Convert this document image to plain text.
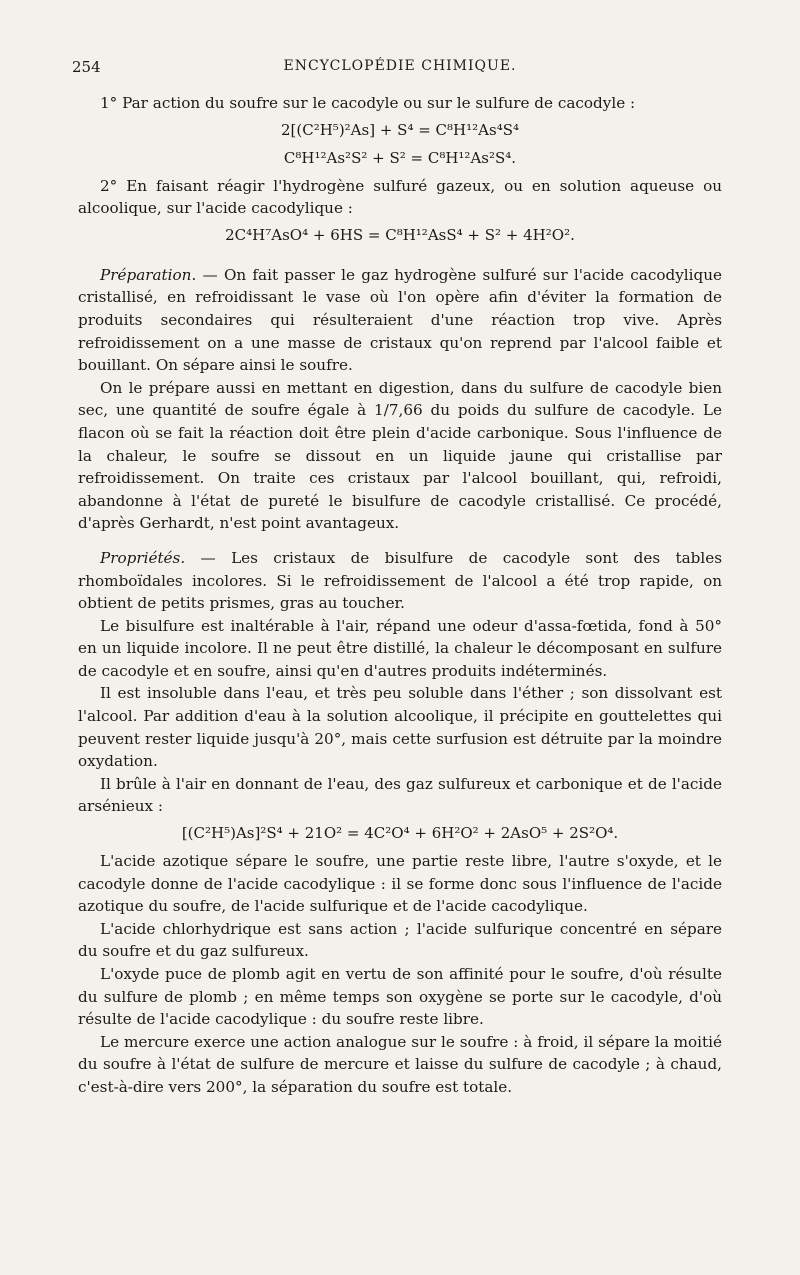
254	ENCYCLOPÉDIE CHIMIQUE.

1° Par action du soufre sur le cacodyle ou sur le sulfure de cacodyle :

2[(C²H⁵)²As] + S⁴ = C⁸H¹²As⁴S⁴
C⁸H¹²As²S² + S² = C⁸H¹²As²S⁴.

2° En faisant réagir l'hydrogène sulfuré gazeux, ou en solution aqueuse ou alcoolique, sur l'acide cacodylique :

2C⁴H⁷AsO⁴ + 6HS = C⁸H¹²AsS⁴ + S² + 4H²O².

Préparation. — On fait passer le gaz hydrogène sulfuré sur l'acide cacodylique cristallisé, en refroidissant le vase où l'on opère afin d'éviter la formation de produits secondaires qui résulteraient d'une réaction trop vive. Après refroidissement on a une masse de cristaux qu'on reprend par l'alcool faible et bouillant. On sépare ainsi le soufre.

On le prépare aussi en mettant en digestion, dans du sulfure de cacodyle bien sec, une quantité de soufre égale à 1/7,66 du poids du sulfure de cacodyle. Le flacon où se fait la réaction doit être plein d'acide carbonique. Sous l'influence de la chaleur, le soufre se dissout en un liquide jaune qui cristallise par refroidissement. On traite ces cristaux par l'alcool bouillant, qui, refroidi, abandonne à l'état de pureté le bisulfure de cacodyle cristallisé. Ce procédé, d'après Gerhardt, n'est point avantageux.

Propriétés. — Les cristaux de bisulfure de cacodyle sont des tables rhomboïdales incolores. Si le refroidissement de l'alcool a été trop rapide, on obtient de petits prismes, gras au toucher.

Le bisulfure est inaltérable à l'air, répand une odeur d'assa-fœtida, fond à 50° en un liquide incolore. Il ne peut être distillé, la chaleur le décomposant en sulfure de cacodyle et en soufre, ainsi qu'en d'autres produits indéterminés.

Il est insoluble dans l'eau, et très peu soluble dans l'éther ; son dissolvant est l'alcool. Par addition d'eau à la solution alcoolique, il précipite en gouttelettes qui peuvent rester liquide jusqu'à 20°, mais cette surfusion est détruite par la moindre oxydation.

Il brûle à l'air en donnant de l'eau, des gaz sulfureux et carbonique et de l'acide arsénieux :

[(C²H⁵)As]²S⁴ + 21O² = 4C²O⁴ + 6H²O² + 2AsO⁵ + 2S²O⁴.

L'acide azotique sépare le soufre, une partie reste libre, l'autre s'oxyde, et le cacodyle donne de l'acide cacodylique : il se forme donc sous l'influence de l'acide azotique du soufre, de l'acide sulfurique et de l'acide cacodylique.

L'acide chlorhydrique est sans action ; l'acide sulfurique concentré en sépare du soufre et du gaz sulfureux.

L'oxyde puce de plomb agit en vertu de son affinité pour le soufre, d'où résulte du sulfure de plomb ; en même temps son oxygène se porte sur le cacodyle, d'où résulte de l'acide cacodylique : du soufre reste libre.

Le mercure exerce une action analogue sur le soufre : à froid, il sépare la moitié du soufre à l'état de sulfure de mercure et laisse du sulfure de cacodyle ; à chaud, c'est-à-dire vers 200°, la séparation du soufre est totale.
